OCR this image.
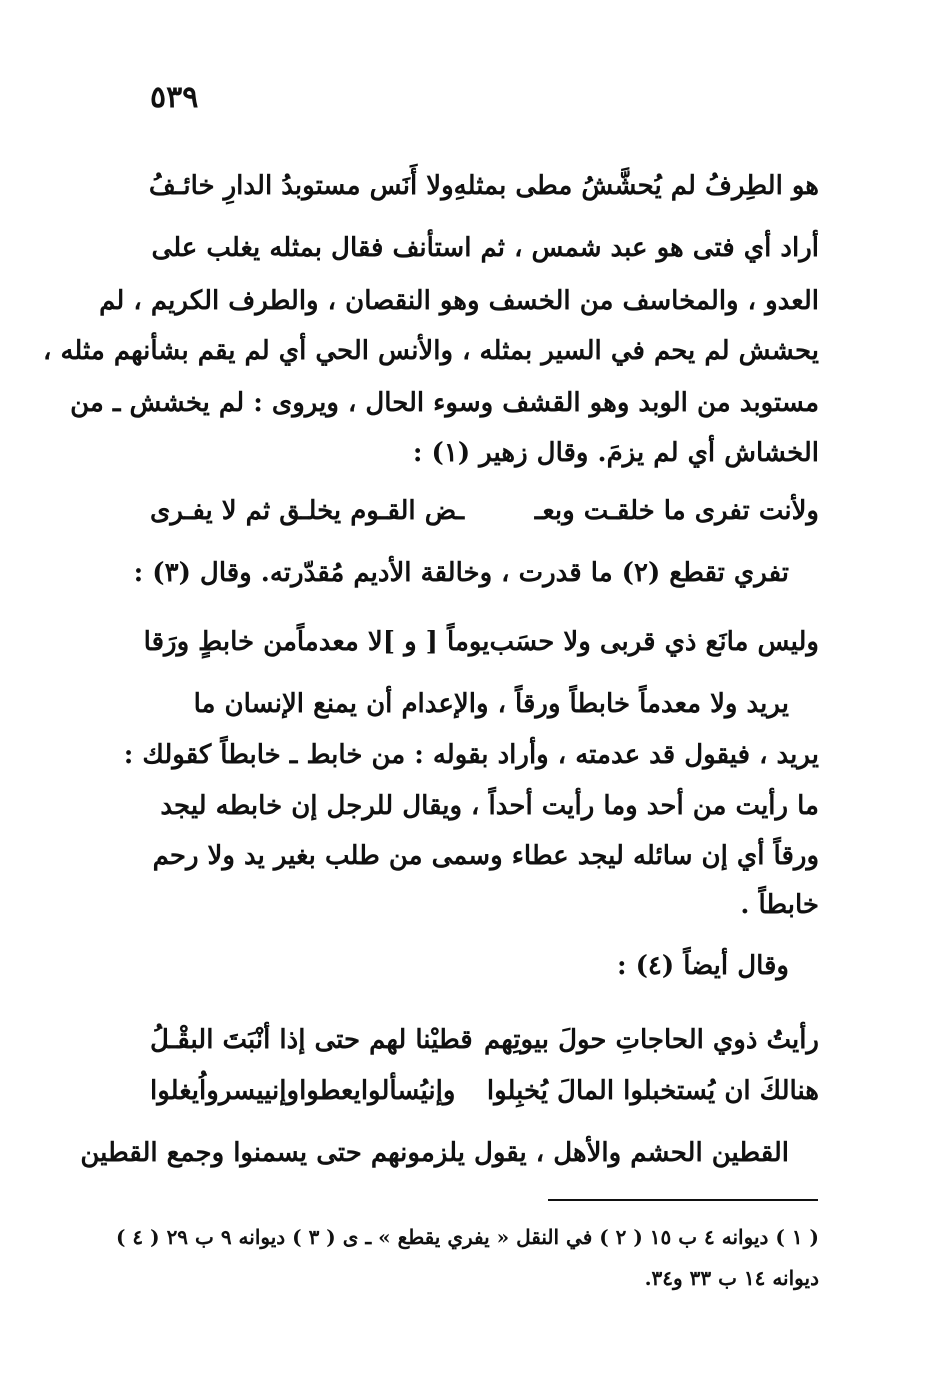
٥٣٩
هو الطِرفُ لم يُحشَّشُ مطى بمثلهِ
ولا أَنَس مستوبدُ الدارِ خائـفُ
أراد أي فتى هو عبد شمس ، ثم استأنف فقال بمثله يغلب على
العدو ، والمخاسف من الخسف وهو النقصان ، والطرف الكريم ، لم
يحشش لم يحم في السير بمثله ، والأنس الحي أي لم يقم بشأنهم مثله ،
مستوبد من الوبد وهو القشف وسوء الحال ، ويروى : لم يخشش ـ من
الخشاش أي لم يزمَ. وقال زهير (١) :
ولأنت تفرى ما خلقـت وبعـ
ـض القـوم يخلـق ثم لا يفـرى
تفري تقطع (٢) ما قدرت ، وخالقة الأديم مُقدّرته. وقال (٣) :
وليس مانَع ذي قربى ولا حسَب
يوماً [ و ]لا معدماًمن خابطٍ ورَقا
يريد ولا معدماً خابطاً ورقاً ، والإعدام أن يمنع الإنسان ما
يريد ، فيقول قد عدمته ، وأراد بقوله : من خابط ـ خابطاً كقولك :
ما رأيت من أحد وما رأيت أحداً ، ويقال للرجل إن خابطه ليجد
ورقاً أي إن سائله ليجد عطاء وسمى من طلب بغير يد ولا رحم
خابطاً .
وقال أيضاً (٤) :
رأيتُ ذوي الحاجاتِ حولَ بيوتِهم
قطيْنا لهم حتى إذا أنْبَتَ البقْـلُ
هنالكَ ان يُستخبلوا المالَ يُخبِلوا
وإنيُسألوايعطواوإنييسرواُيغلوا
القطين الحشم والأهل ، يقول يلزمونهم حتى يسمنوا وجمع القطين
( ١ ) ديوانه ٤ ب ١٥ ( ٢ ) في النقل « يفري يقطع » ـ ى ( ٣ ) ديوانه ٩ ب ٢٩ ( ٤ )
ديوانه ١٤ ب ٣٣ و٣٤.
